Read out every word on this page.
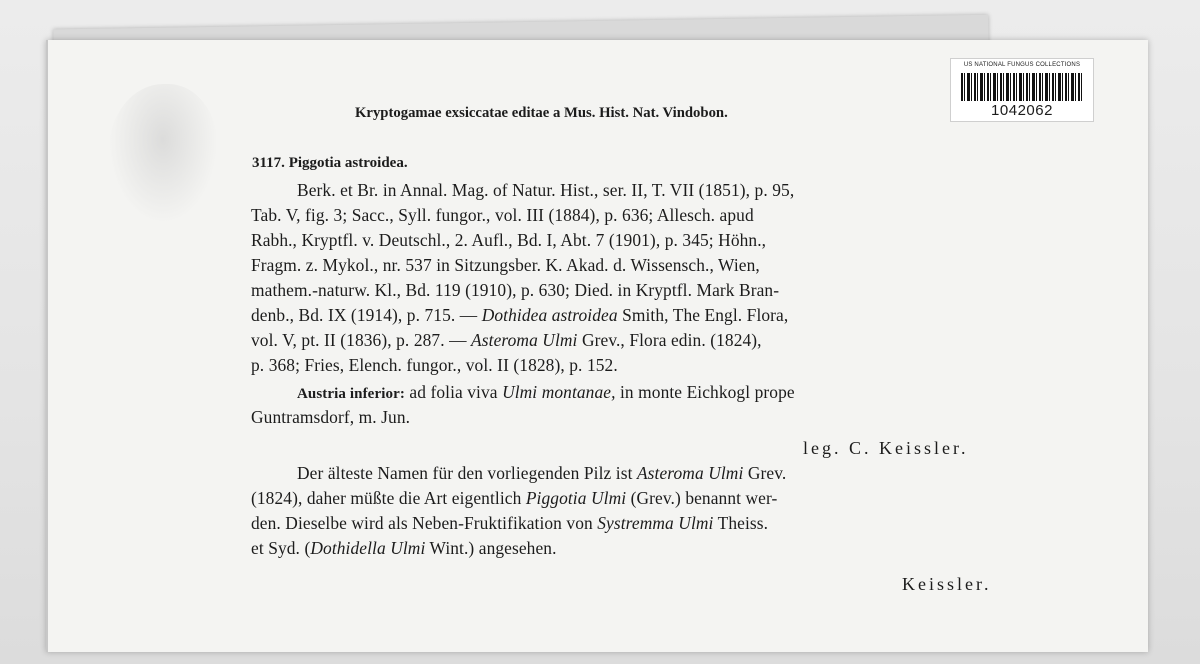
US NATIONAL FUNGUS COLLECTIONS
1042062
Kryptogamae exsiccatae editae a Mus. Hist. Nat. Vindobon.
3117. Piggotia astroidea.
Berk. et Br. in Annal. Mag. of Natur. Hist., ser. II, T. VII (1851), p. 95,
Tab. V, fig. 3; Sacc., Syll. fungor., vol. III (1884), p. 636; Allesch. apud
Rabh., Kryptfl. v. Deutschl., 2. Aufl., Bd. I, Abt. 7 (1901), p. 345; Höhn.,
Fragm. z. Mykol., nr. 537 in Sitzungsber. K. Akad. d. Wissensch., Wien,
mathem.-naturw. Kl., Bd. 119 (1910), p. 630; Died. in Kryptfl. Mark Bran-
denb., Bd. IX (1914), p. 715. — Dothidea astroidea Smith, The Engl. Flora,
vol. V, pt. II (1836), p. 287. — Asteroma Ulmi Grev., Flora edin. (1824),
p. 368; Fries, Elench. fungor., vol. II (1828), p. 152.
Austria inferior: ad folia viva Ulmi montanae, in monte Eichkogl prope
Guntramsdorf, m. Jun.
leg. C. Keissler.
Der älteste Namen für den vorliegenden Pilz ist Asteroma Ulmi Grev.
(1824), daher müßte die Art eigentlich Piggotia Ulmi (Grev.) benannt wer-
den. Dieselbe wird als Neben-Fruktifikation von Systremma Ulmi Theiss.
et Syd. (Dothidella Ulmi Wint.) angesehen.
Keissler.
